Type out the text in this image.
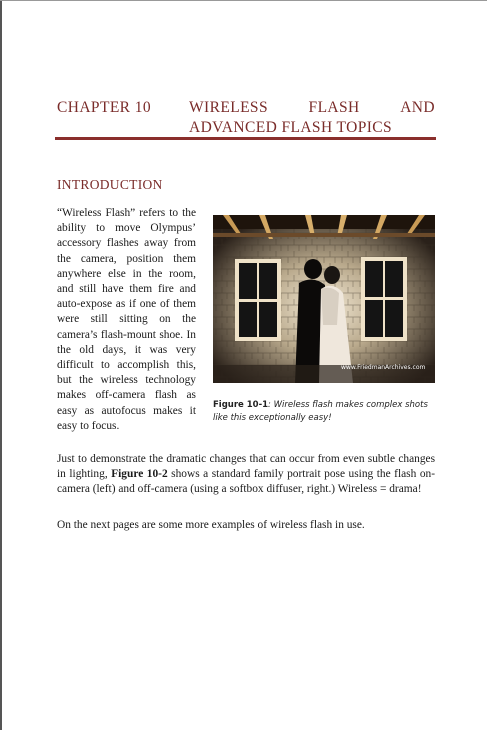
CHAPTER 10 WIRELESS	FLASH	AND
ADVANCED FLASH TOPICS
INTRODUCTION
“Wireless Flash” refers to the ability to move Olympus’ accessory flashes away from the camera, position them anywhere else in the room, and still have them fire and auto-expose as if one of them were still sitting on the camera’s flash-mount shoe. In the old days, it was very difficult to accomplish this, but the wireless technology makes off-camera flash as easy as autofocus makes it easy to focus.
www.FriedmanArchives.com
Figure 10-1: Wireless flash makes complex shots like this exceptionally easy!
Just to demonstrate the dramatic changes that can occur from even subtle changes in lighting, Figure 10-2 shows a standard family portrait pose using the flash on-camera (left) and off-camera (using a softbox diffuser, right.) Wireless = drama!
On the next pages are some more examples of wireless flash in use.
